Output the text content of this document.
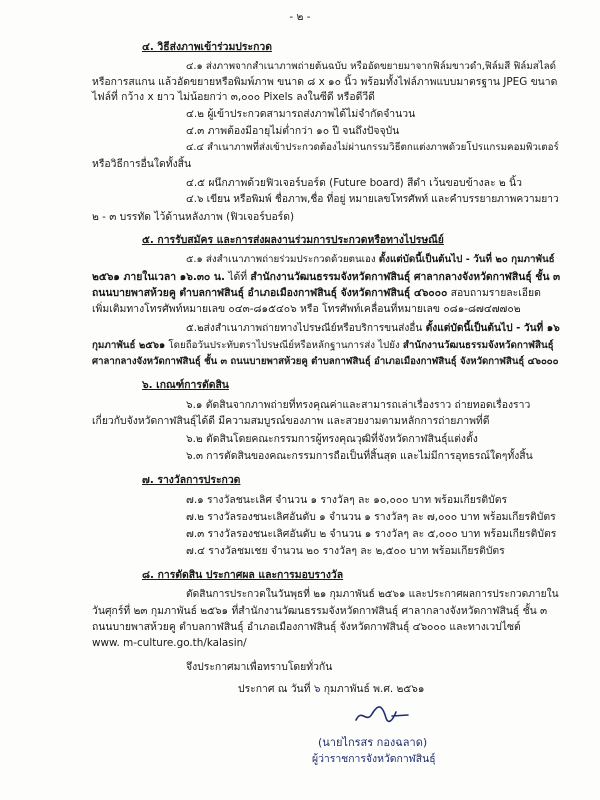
- ๒ -
๔. วิธีส่งภาพเข้าร่วมประกวด
๔.๑ ส่งภาพจากสำเนาภาพถ่ายต้นฉบับ หรืออัดขยายมาจากฟิล์มขาวดำ,ฟิล์มสี ฟิล์มสไลด์
หรือการสแกน แล้วอัดขยายหรือพิมพ์ภาพ ขนาด ๘ x ๑๐ นิ้ว พร้อมทั้งไฟล์ภาพแบบมาตรฐาน JPEG ขนาด
ไฟล์ที่ กว้าง x ยาว ไม่น้อยกว่า ๓,๐๐๐ Pixels ลงในซีดี หรือดีวีดี
๔.๒ ผู้เข้าประกวดสามารถส่งภาพได้ไม่จำกัดจำนวน
๔.๓ ภาพต้องมีอายุไม่ต่ำกว่า ๑๐ ปี จนถึงปัจจุบัน
๔.๔ สำเนาภาพที่ส่งเข้าประกวดต้องไม่ผ่านกรรมวิธีตกแต่งภาพด้วยโปรแกรมคอมพิวเตอร์
หรือวิธีการอื่นใดทั้งสิ้น
๔.๕ ผนึกภาพด้วยฟิวเจอร์บอร์ด (Future board) สีดำ เว้นขอบข้างละ ๒ นิ้ว
๔.๖ เขียน หรือพิมพ์ ชื่อภาพ,ชื่อ ที่อยู่ หมายเลขโทรศัพท์ และคำบรรยายภาพความยาว
๒ - ๓ บรรทัด ไว้ด้านหลังภาพ (ฟิวเจอร์บอร์ด)
๕. การรับสมัคร และการส่งผลงานร่วมการประกวดหรือทางไปรษณีย์
๕.๑ ส่งสำเนาภาพถ่ายร่วมประกวดด้วยตนเอง ตั้งแต่บัดนี้เป็นต้นไป - วันที่ ๒๐ กุมภาพันธ์
๒๕๖๑ ภายในเวลา ๑๖.๓๐ น. ได้ที่ สำนักงานวัฒนธรรมจังหวัดกาฬสินธุ์ ศาลากลางจังหวัดกาฬสินธุ์ ชั้น ๓
ถนนบายพาสห้วยคู ตำบลกาฬสินธุ์ อำเภอเมืองกาฬสินธุ์ จังหวัดกาฬสินธุ์ ๔๖๐๐๐ สอบถามรายละเอียด
เพิ่มเติมทางโทรศัพท์หมายเลข ๐๔๓-๘๑๕๔๐๖ หรือ โทรศัพท์เคลื่อนที่หมายเลข ๐๘๑-๘๗๔๗๗๐๒
๕.๒ส่งสำเนาภาพถ่ายทางไปรษณีย์หรือบริการขนส่งอื่น ตั้งแต่บัดนี้เป็นต้นไป - วันที่ ๑๖
กุมภาพันธ์ ๒๕๖๑ โดยถือวันประทับตราไปรษณีย์หรือหลักฐานการส่ง ไปยัง สำนักงานวัฒนธรรมจังหวัดกาฬสินธุ์
ศาลากลางจังหวัดกาฬสินธุ์ ชั้น ๓ ถนนบายพาสห้วยคู ตำบลกาฬสินธุ์ อำเภอเมืองกาฬสินธุ์ จังหวัดกาฬสินธุ์ ๔๖๐๐๐
๖. เกณฑ์การตัดสิน
๖.๑ ตัดสินจากภาพถ่ายที่ทรงคุณค่าและสามารถเล่าเรื่องราว ถ่ายทอดเรื่องราว
เกี่ยวกับจังหวัดกาฬสินธุ์ได้ดี มีความสมบูรณ์ของภาพ และสวยงามตามหลักการถ่ายภาพที่ดี
๖.๒ ตัดสินโดยคณะกรรมการผู้ทรงคุณวุฒิที่จังหวัดกาฬสินธุ์แต่งตั้ง
๖.๓ การตัดสินของคณะกรรมการถือเป็นที่สิ้นสุด และไม่มีการอุทธรณ์ใดๆทั้งสิ้น
๗. รางวัลการประกวด
๗.๑ รางวัลชนะเลิศ จำนวน ๑ รางวัลๆ ละ ๑๐,๐๐๐ บาท พร้อมเกียรติบัตร
๗.๒ รางวัลรองชนะเลิศอันดับ ๑ จำนวน ๑ รางวัลๆ ละ ๗,๐๐๐ บาท พร้อมเกียรติบัตร
๗.๓ รางวัลรองชนะเลิศอันดับ ๒ จำนวน ๑ รางวัลๆ ละ ๕,๐๐๐ บาท พร้อมเกียรติบัตร
๗.๔ รางวัลชมเชย จำนวน ๒๐ รางวัลๆ ละ ๒,๕๐๐ บาท พร้อมเกียรติบัตร
๘. การตัดสิน ประกาศผล และการมอบรางวัล
ตัดสินการประกวดในวันพุธที่ ๒๑ กุมภาพันธ์ ๒๕๖๑ และประกาศผลการประกวดภายใน
วันศุกร์ที่ ๒๓ กุมภาพันธ์ ๒๕๖๑ ที่สำนักงานวัฒนธรรมจังหวัดกาฬสินธุ์ ศาลากลางจังหวัดกาฬสินธุ์ ชั้น ๓
ถนนบายพาสห้วยคู ตำบลกาฬสินธุ์ อำเภอเมืองกาฬสินธุ์ จังหวัดกาฬสินธุ์ ๔๖๐๐๐ และทางเวปไซต์
www. m-culture.go.th/kalasin/
จึงประกาศมาเพื่อทราบโดยทั่วกัน
ประกาศ ณ วันที่ ๖ กุมภาพันธ์ พ.ศ. ๒๕๖๑
(นายไกรสร กองฉลาด)
ผู้ว่าราชการจังหวัดกาฬสินธุ์
